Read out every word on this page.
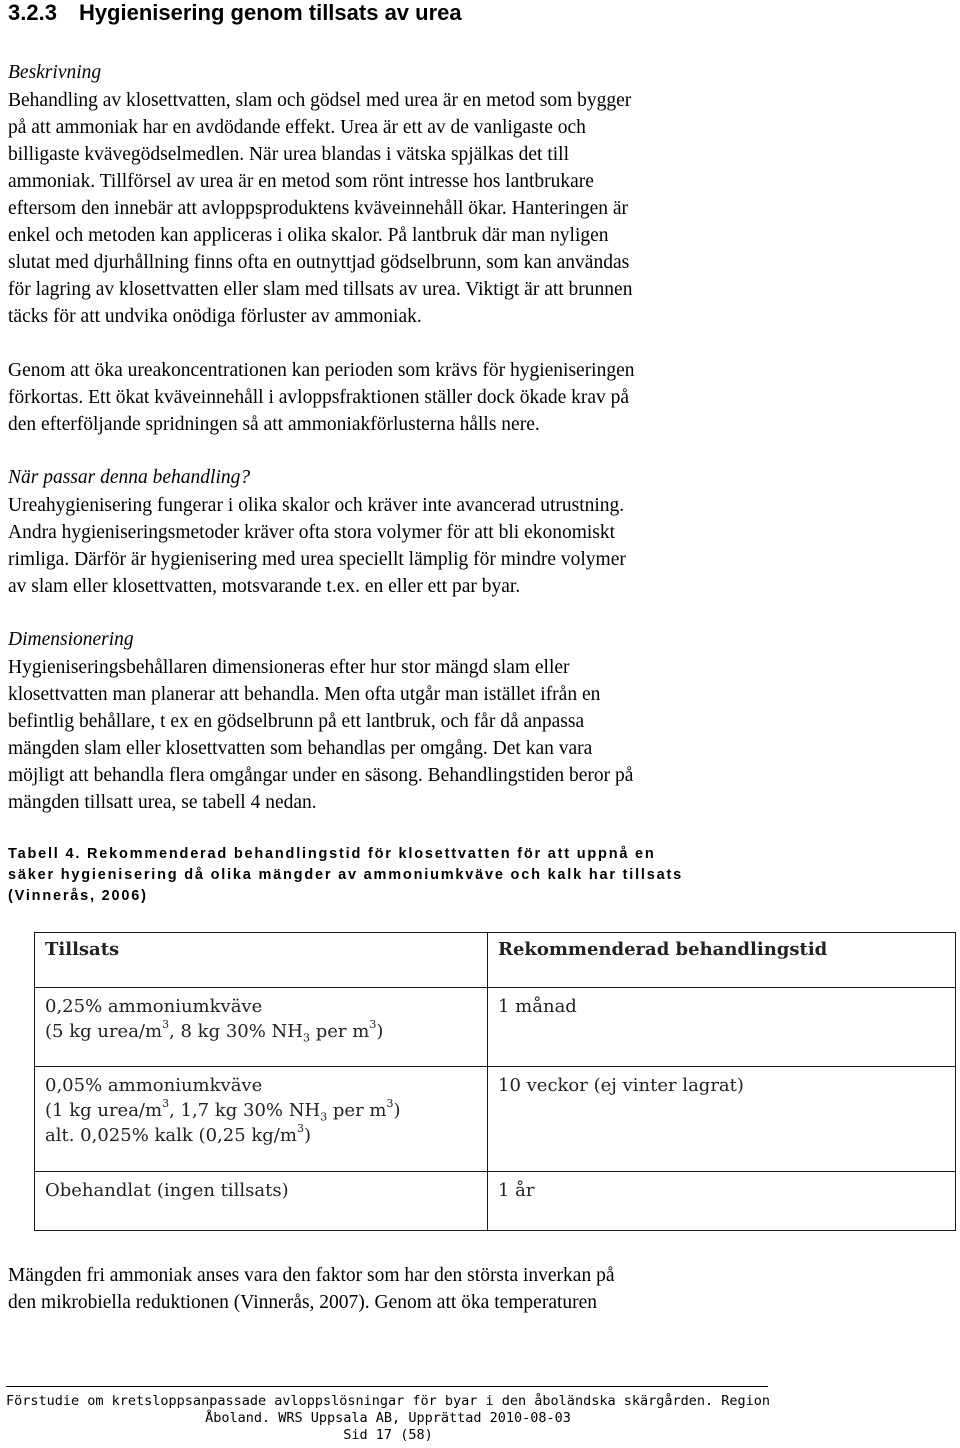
3.2.3 Hygienisering genom tillsats av urea
Beskrivning
Behandling av klosettvatten, slam och gödsel med urea är en metod som bygger
på att ammoniak har en avdödande effekt. Urea är ett av de vanligaste och
billigaste kvävegödselmedlen. När urea blandas i vätska spjälkas det till
ammoniak. Tillförsel av urea är en metod som rönt intresse hos lantbrukare
eftersom den innebär att avloppsproduktens kväveinnehåll ökar. Hanteringen är
enkel och metoden kan appliceras i olika skalor. På lantbruk där man nyligen
slutat med djurhållning finns ofta en outnyttjad gödselbrunn, som kan användas
för lagring av klosettvatten eller slam med tillsats av urea. Viktigt är att brunnen
täcks för att undvika onödiga förluster av ammoniak.
Genom att öka ureakoncentrationen kan perioden som krävs för hygieniseringen
förkortas. Ett ökat kväveinnehåll i avloppsfraktionen ställer dock ökade krav på
den efterföljande spridningen så att ammoniakförlusterna hålls nere.
När passar denna behandling?
Ureahygienisering fungerar i olika skalor och kräver inte avancerad utrustning.
Andra hygieniseringsmetoder kräver ofta stora volymer för att bli ekonomiskt
rimliga. Därför är hygienisering med urea speciellt lämplig för mindre volymer
av slam eller klosettvatten, motsvarande t.ex. en eller ett par byar.
Dimensionering
Hygieniseringsbehållaren dimensioneras efter hur stor mängd slam eller
klosettvatten man planerar att behandla. Men ofta utgår man istället ifrån en
befintlig behållare, t ex en gödselbrunn på ett lantbruk, och får då anpassa
mängden slam eller klosettvatten som behandlas per omgång. Det kan vara
möjligt att behandla flera omgångar under en säsong. Behandlingstiden beror på
mängden tillsatt urea, se tabell 4 nedan.
Tabell 4. Rekommenderad behandlingstid för klosettvatten för att uppnå en
säker hygienisering då olika mängder av ammoniumkväve och kalk har tillsats
(Vinnerås, 2006)
Tillsats	Rekommenderad behandlingstid

0,25% ammoniumkväve
(5 kg urea/$m^3$, 8 kg 30% $NH_3$ per $m^3$)	1 månad

0,05% ammoniumkväve
(1 kg urea/$m^3$, 1,7 kg 30% $NH_3$ per $m^3$)
alt. 0,025% kalk (0,25 $kg/m^3$)	10 veckor (ej vinter lagrat)
Obehandlat (ingen tillsats)	1 år
Mängden fri ammoniak anses vara den faktor som har den största inverkan på
den mikrobiella reduktionen (Vinnerås, 2007). Genom att öka temperaturen
Förstudie om kretsloppsanpassade avloppslösningar för byar i den åboländska skärgården. Region
Åboland. WRS Uppsala AB, Upprättad 2010-08-03
Sid 17 (58)
